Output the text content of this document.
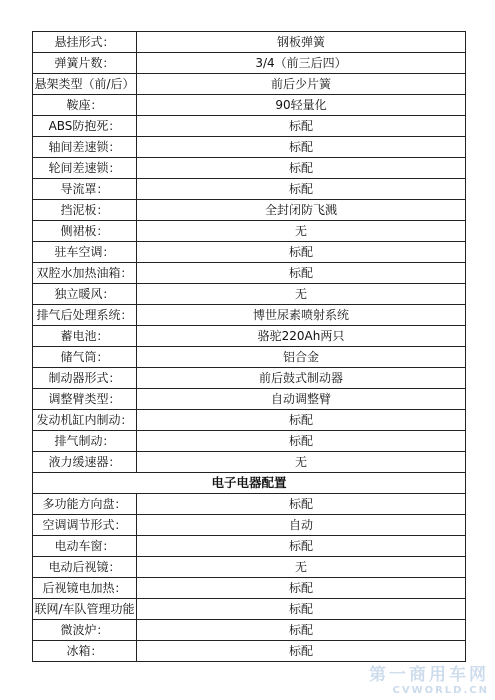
悬挂形式：	钢板弹簧
弹簧片数：	3/4（前三后四）
悬架类型（前/后）	前后少片簧
鞍座：	90轻量化
ABS防抱死：	标配
轴间差速锁：	标配
轮间差速锁：	标配
导流罩：	标配
挡泥板：	全封闭防飞溅
侧裙板：	无
驻车空调：	标配
双腔水加热油箱：	标配
独立暖风：	无
排气后处理系统：	博世尿素喷射系统
蓄电池：	骆驼220Ah两只
储气筒：	铝合金
制动器形式：	前后鼓式制动器
调整臂类型：	自动调整臂
发动机缸内制动：	标配
排气制动：	标配
液力缓速器：	无
电子电器配置	
多功能方向盘：	标配
空调调节形式：	自动
电动车窗：	标配
电动后视镜：	无
后视镜电加热：	标配
联网/车队管理功能	标配
微波炉：	标配
冰箱：	标配
第一商用车网
CVWORLD.CN
